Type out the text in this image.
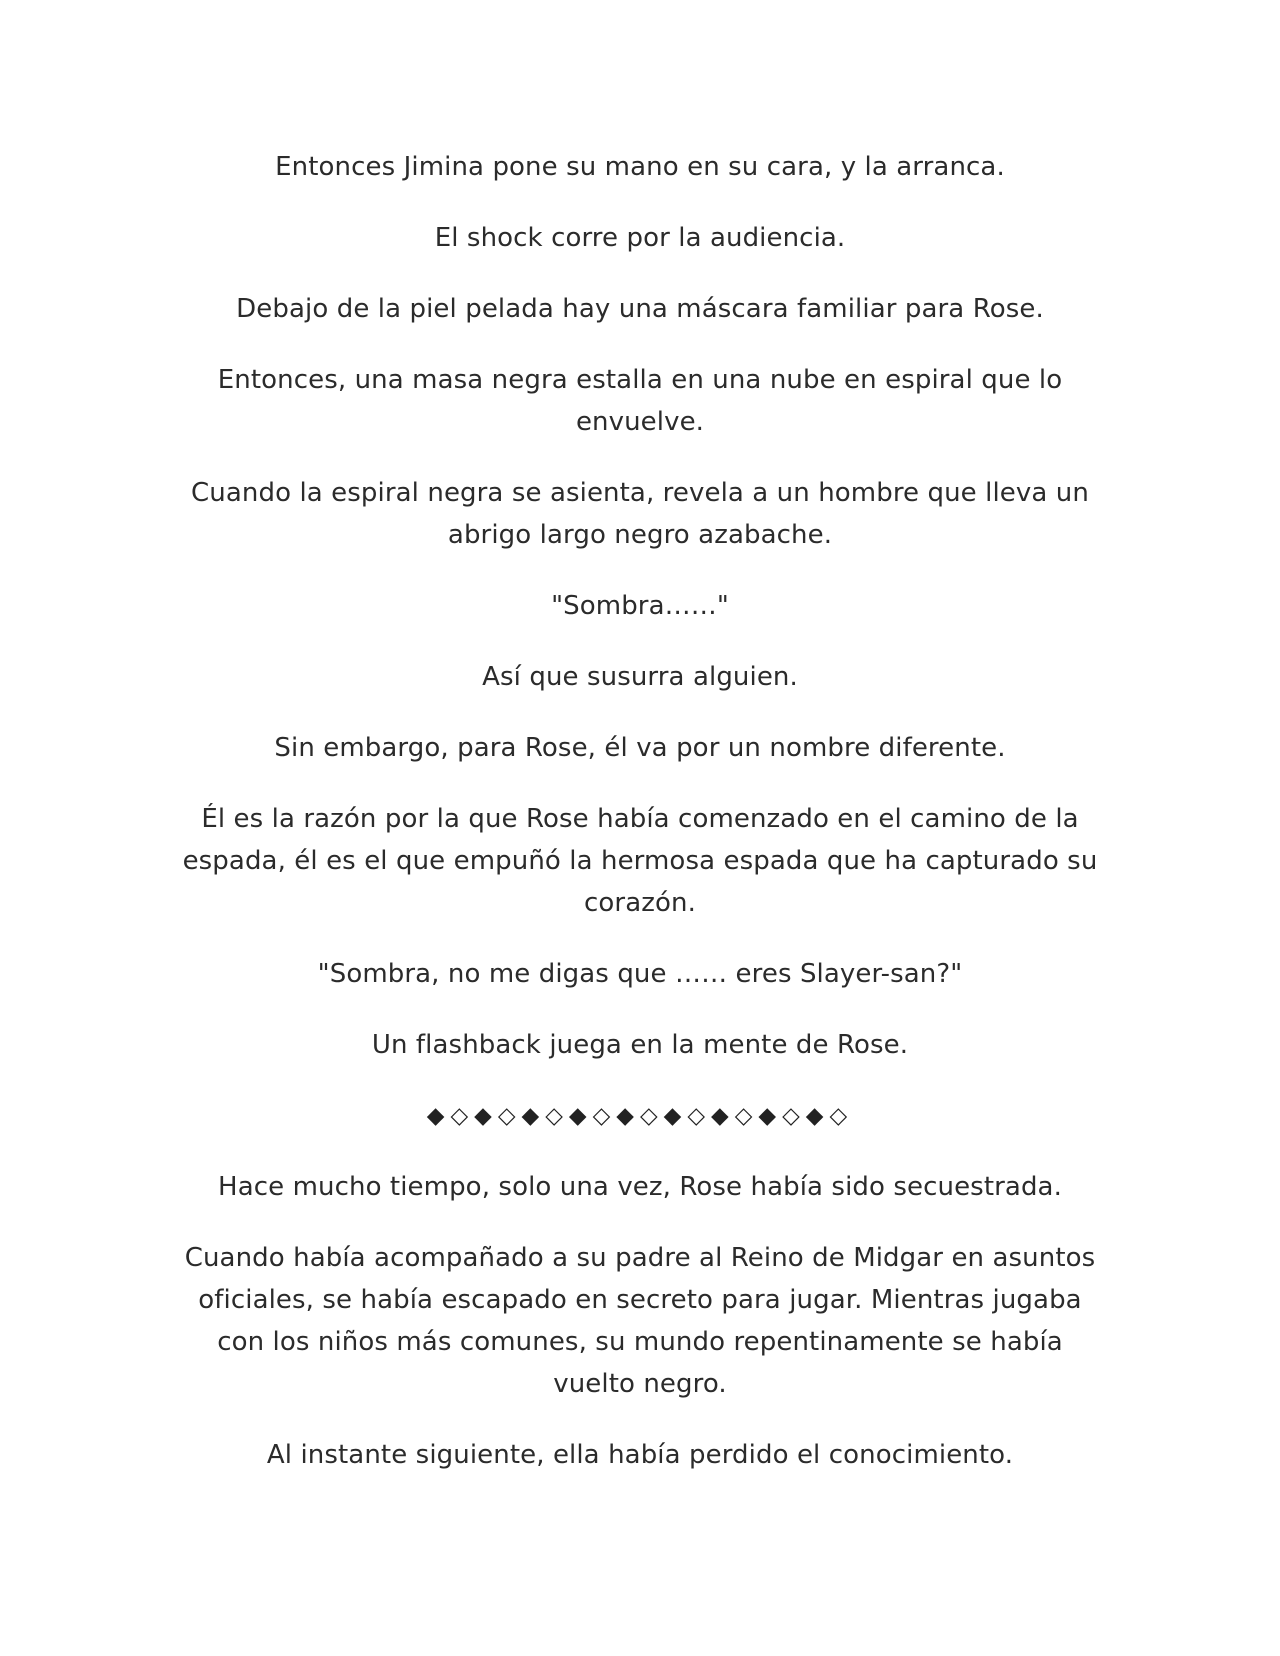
Entonces Jimina pone su mano en su cara, y la arranca.

El shock corre por la audiencia.

Debajo de la piel pelada hay una máscara familiar para Rose.

Entonces, una masa negra estalla en una nube en espiral que lo envuelve.

Cuando la espiral negra se asienta, revela a un hombre que lleva un abrigo largo negro azabache.

"Sombra……"

Así que susurra alguien.

Sin embargo, para Rose, él va por un nombre diferente.

Él es la razón por la que Rose había comenzado en el camino de la espada, él es el que empuñó la hermosa espada que ha capturado su corazón.

"Sombra, no me digas que …… eres Slayer-san?"

Un flashback juega en la mente de Rose.

◆◇◆◇◆◇◆◇◆◇◆◇◆◇◆◇◆◇

Hace mucho tiempo, solo una vez, Rose había sido secuestrada.

Cuando había acompañado a su padre al Reino de Midgar en asuntos oficiales, se había escapado en secreto para jugar. Mientras jugaba con los niños más comunes, su mundo repentinamente se había vuelto negro.

Al instante siguiente, ella había perdido el conocimiento.
